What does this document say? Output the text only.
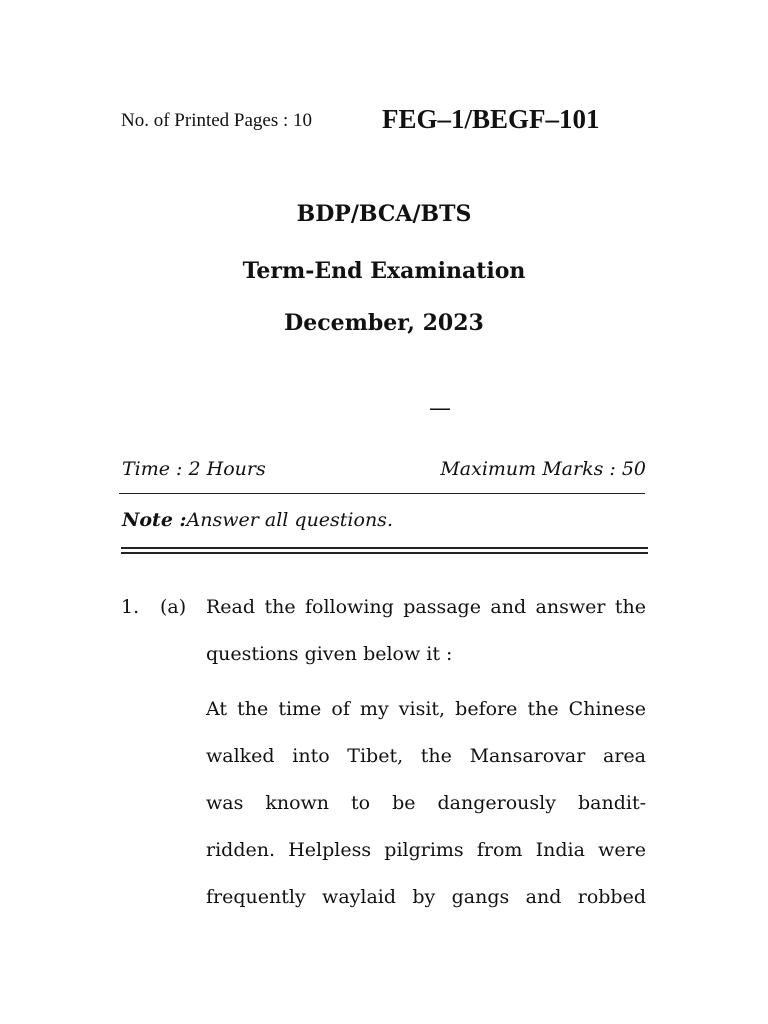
No. of Printed Pages : 10	FEG–1/BEGF–101
BDP/BCA/BTS
Term-End Examination
December, 2023
—
Time : 2 Hours	Maximum Marks : 50
Note :Answer all questions.
1. (a) Read the following passage and answer the
questions given below it :
At the time of my visit, before the Chinese
walked into Tibet, the Mansarovar area
was known to be dangerously bandit-
ridden. Helpless pilgrims from India were
frequently waylaid by gangs and robbed
